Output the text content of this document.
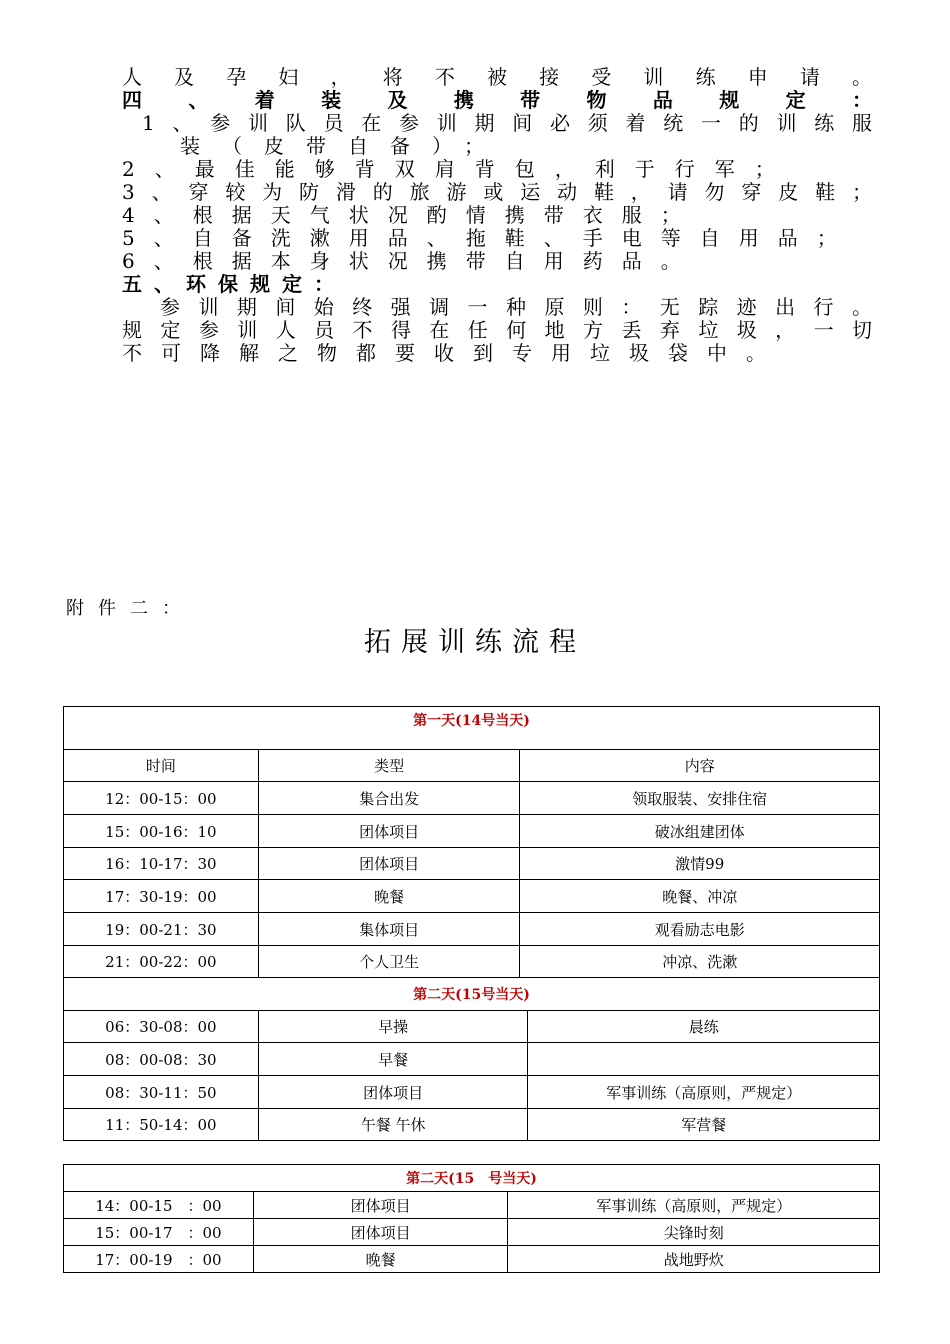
人及孕妇，将不被接受训练申请。
四、着装及携带物品规定：
1、参训队员在参训期间必须着统一的训练服
装（皮带自备）；
2、最佳能够背双肩背包，利于行军；
3、穿较为防滑的旅游或运动鞋，请勿穿皮鞋；
4、根据天气状况酌情携带衣服；
5、自备洗漱用品、拖鞋、手电等自用品；
6、根据本身状况携带自用药品。
五、环保规定：
参训期间始终强调一种原则：无踪迹出行。
规定参训人员不得在任何地方丢弃垃圾，一切
不可降解之物都要收到专用垃圾袋中。
附件二：
拓展训练流程
第一天(14号当天)			
时间	类型	内容	
12：00-15：00	集合出发	领取服装、安排住宿	
15：00-16：10	团体项目	破冰组建团体	
16：10-17：30	团体项目	激情99	
17：30-19：00	晚餐	晚餐、冲凉	
19：00-21：30	集体项目	观看励志电影	
21：00-22：00	个人卫生	冲凉、洗漱	
第二天(15号当天)			
06：30-08：00	早操		晨练
08：00-08：30	早餐		
08：30-11：50	团体项目		军事训练（高原则，严规定）
11：50-14：00	午餐 午休		军营餐
第二天(15　号当天)		
14：00-15　：00	团体项目	军事训练（高原则，严规定）
15：00-17　：00	团体项目	尖锋时刻
17：00-19　：00	晚餐	战地野炊
